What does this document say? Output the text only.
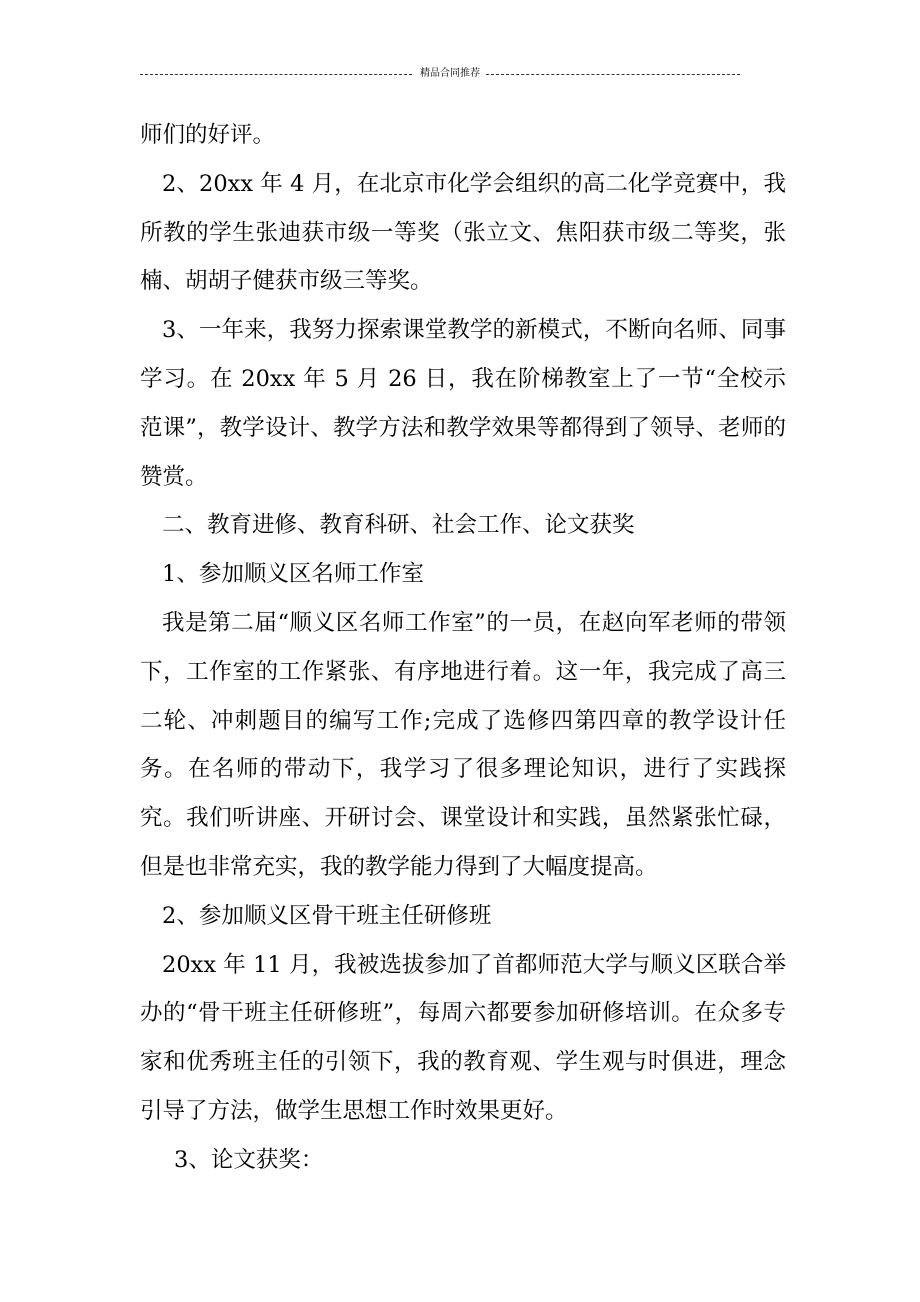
精品合同推荐

师们的好评。

2、20xx 年 4 月，在北京市化学会组织的高二化学竞赛中，我所教的学生张迪获市级一等奖（张立文、焦阳获市级二等奖，张楠、胡胡子健获市级三等奖。

3、一年来，我努力探索课堂教学的新模式，不断向名师、同事学习。在 20xx 年 5 月 26 日，我在阶梯教室上了一节“全校示范课”，教学设计、教学方法和教学效果等都得到了领导、老师的赞赏。

二、教育进修、教育科研、社会工作、论文获奖

1、参加顺义区名师工作室

我是第二届“顺义区名师工作室”的一员，在赵向军老师的带领下，工作室的工作紧张、有序地进行着。这一年，我完成了高三二轮、冲刺题目的编写工作;完成了选修四第四章的教学设计任务。在名师的带动下，我学习了很多理论知识，进行了实践探究。我们听讲座、开研讨会、课堂设计和实践，虽然紧张忙碌，但是也非常充实，我的教学能力得到了大幅度提高。

2、参加顺义区骨干班主任研修班

20xx 年 11 月，我被选拔参加了首都师范大学与顺义区联合举办的“骨干班主任研修班”，每周六都要参加研修培训。在众多专家和优秀班主任的引领下，我的教育观、学生观与时俱进，理念引导了方法，做学生思想工作时效果更好。

3、论文获奖：
